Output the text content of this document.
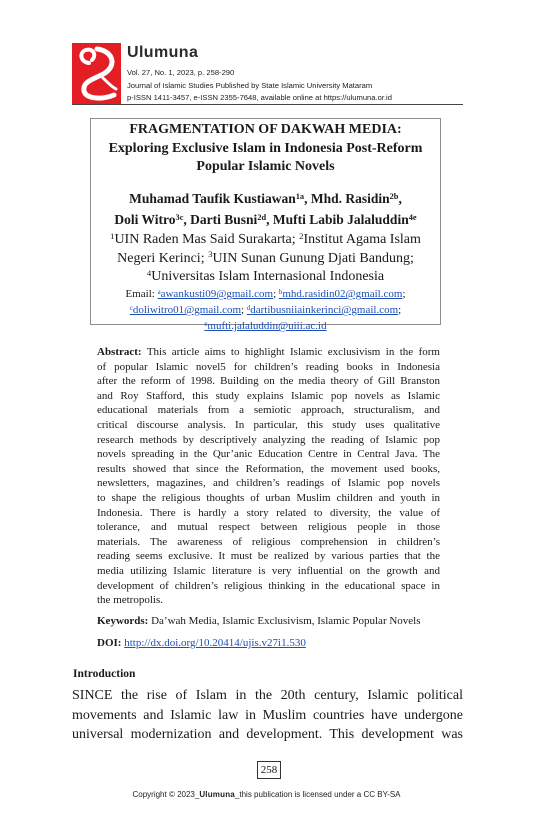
Ulumuna
Vol. 27, No. 1, 2023, p. 258-290
Journal of Islamic Studies Published by State Islamic University Mataram
p-ISSN 1411-3457, e-ISSN 2355-7648, available online at https://ulumuna.or.id
FRAGMENTATION OF DAKWAH MEDIA:
Exploring Exclusive Islam in Indonesia Post-Reform
Popular Islamic Novels
Muhamad Taufik Kustiawan$^{1a}$, Mhd. Rasidin$^{2b}$,
Doli Witro$^{3c}$, Darti Busni$^{2d}$, Mufti Labib Jalaluddin$^{4e}$
$^1$UIN Raden Mas Said Surakarta; $^2$Institut Agama Islam
Negeri Kerinci; $^3$UIN Sunan Gunung Djati Bandung;
$^4$Universitas Islam Internasional Indonesia
Email: $^a$awankusti09@gmail.com; $^b$mhd.rasidin02@gmail.com;
$^c$doliwitro01@gmail.com; $^d$dartibusniiainkerinci@gmail.com;
$^e$mufti.jalaluddin@uiii.ac.id
Abstract: This article aims to highlight Islamic exclusivism in the form
of popular Islamic novel5 for children’s reading books in Indonesia
after the reform of 1998. Building on the media theory of Gill Branston
and Roy Stafford, this study explains Islamic pop novels as Islamic
educational materials from a semiotic approach, structuralism, and
critical discourse analysis. In particular, this study uses qualitative
research methods by descriptively analyzing the reading of Islamic pop
novels spreading in the Qur’anic Education Centre in Central Java. The
results showed that since the Reformation, the movement used books,
newsletters, magazines, and children’s readings of Islamic pop novels
to shape the religious thoughts of urban Muslim children and youth in
Indonesia. There is hardly a story related to diversity, the value of
tolerance, and mutual respect between religious people in those
materials. The awareness of religious comprehension in children’s
reading seems exclusive. It must be realized by various parties that the
media utilizing Islamic literature is very influential on the growth and
development of children’s religious thinking in the educational space in
the metropolis.
Keywords: Da’wah Media, Islamic Exclusivism, Islamic Popular Novels
DOI: http://dx.doi.org/10.20414/ujis.v27i1.530
Introduction
SINCE the rise of Islam in the 20th century, Islamic political
movements and Islamic law in Muslim countries have undergone
universal modernization and development. This development was
258
Copyright © 2023_Ulumuna_this publication is licensed under a CC BY-SA
